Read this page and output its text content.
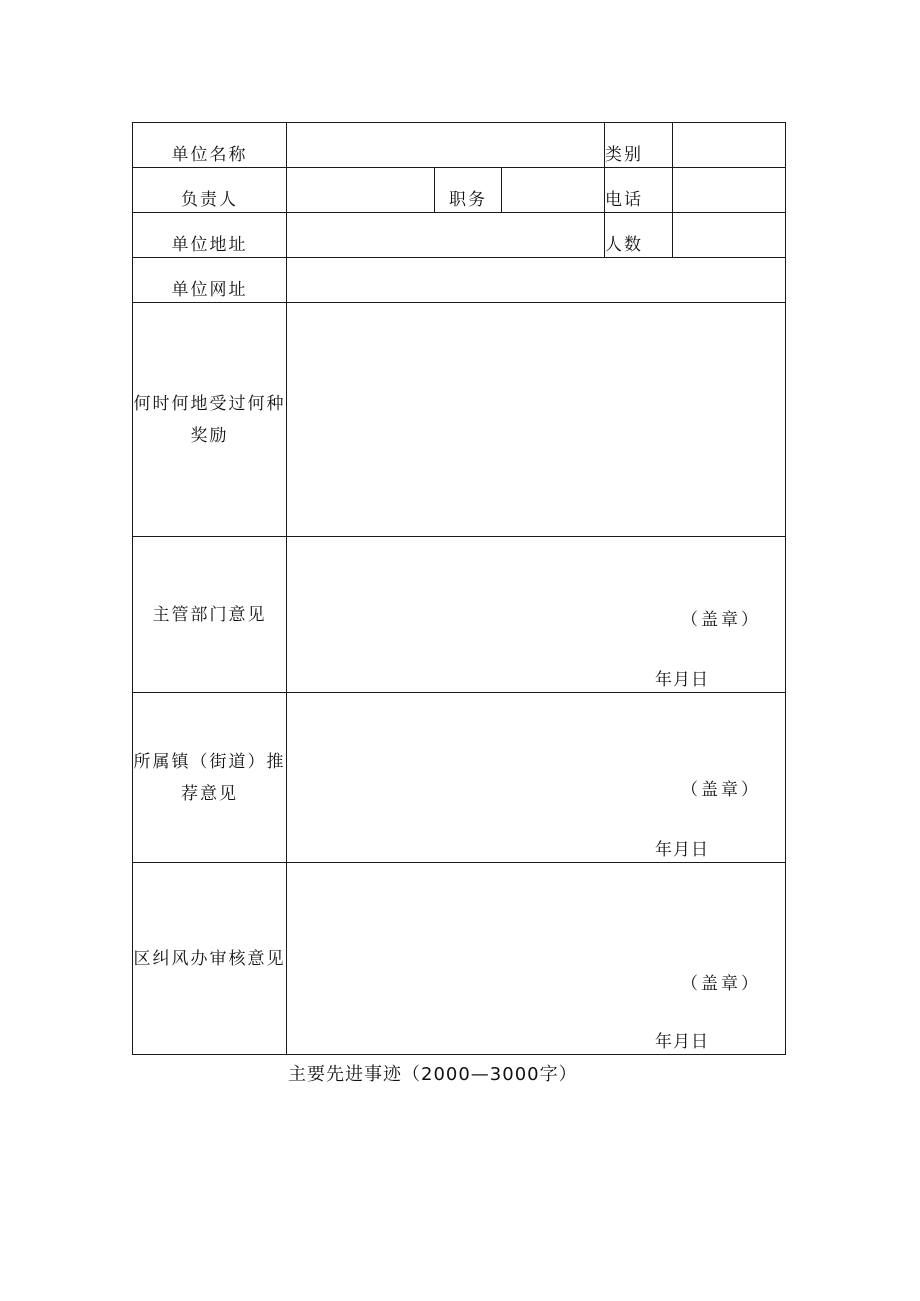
单位名称				类别	
负责人		职务		电话	
单位地址				人数	
单位网址					
何时何地受过何种奖励					
主管部门意见	（盖章）
年月日				

所属镇（街道）推荐意见	（盖章）
年月日				

区纠风办审核意见	（盖章）
年月日				
主要先进事迹（2000—3000字）
